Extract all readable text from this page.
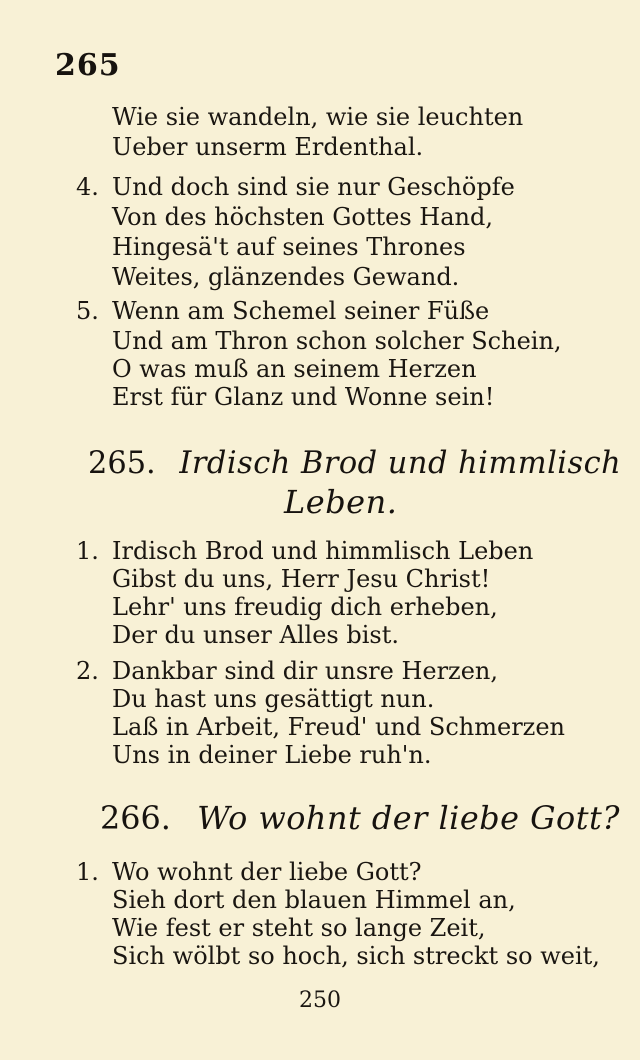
265
Wie sie wandeln, wie sie leuchten
Ueber unserm Erdenthal.
4. Und doch sind sie nur Geschöpfe
Von des höchsten Gottes Hand,
Hingesä't auf seines Thrones
Weites, glänzendes Gewand.
5. Wenn am Schemel seiner Füße
Und am Thron schon solcher Schein,
O was muß an seinem Herzen
Erst für Glanz und Wonne sein!
265. Irdisch Brod und himmlisch
Leben.
1. Irdisch Brod und himmlisch Leben
Gibst du uns, Herr Jesu Christ!
Lehr' uns freudig dich erheben,
Der du unser Alles bist.
2. Dankbar sind dir unsre Herzen,
Du hast uns gesättigt nun.
Laß in Arbeit, Freud' und Schmerzen
Uns in deiner Liebe ruh'n.
266. Wo wohnt der liebe Gott?
1. Wo wohnt der liebe Gott?
Sieh dort den blauen Himmel an,
Wie fest er steht so lange Zeit,
Sich wölbt so hoch, sich streckt so weit,
250
